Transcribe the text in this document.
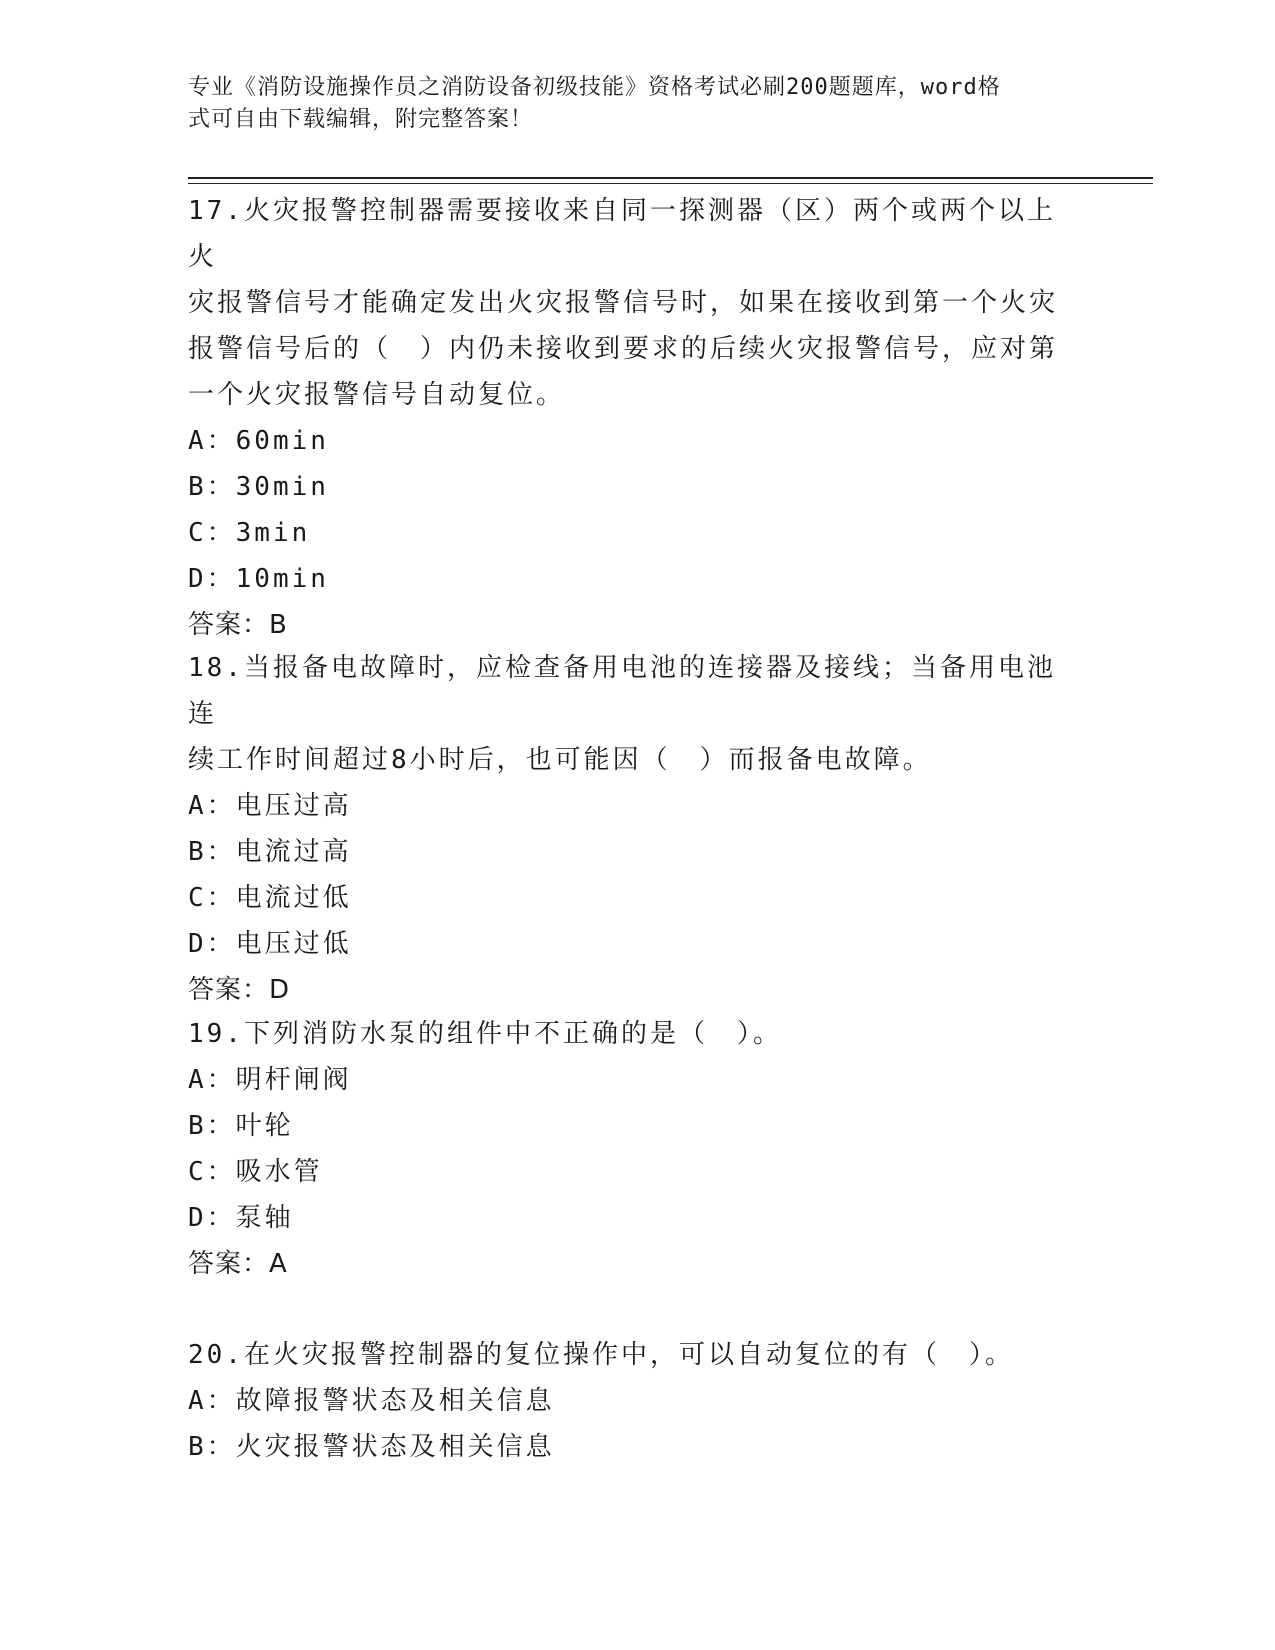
专业《消防设施操作员之消防设备初级技能》资格考试必刷200题题库，word格
式可自由下载编辑，附完整答案！

17.火灾报警控制器需要接收来自同一探测器（区）两个或两个以上火

灾报警信号才能确定发出火灾报警信号时，如果在接收到第一个火灾

报警信号后的（　）内仍未接收到要求的后续火灾报警信号，应对第

一个火灾报警信号自动复位。

A：60min

B：30min

C：3min

D：10min

答案：B

18.当报备电故障时，应检查备用电池的连接器及接线；当备用电池连

续工作时间超过8小时后，也可能因（　）而报备电故障。

A：电压过高

B：电流过高

C：电流过低

D：电压过低

答案：D

19.下列消防水泵的组件中不正确的是（　）。

A：明杆闸阀

B：叶轮

C：吸水管

D：泵轴

答案：A

20.在火灾报警控制器的复位操作中，可以自动复位的有（　）。

A：故障报警状态及相关信息

B：火灾报警状态及相关信息
